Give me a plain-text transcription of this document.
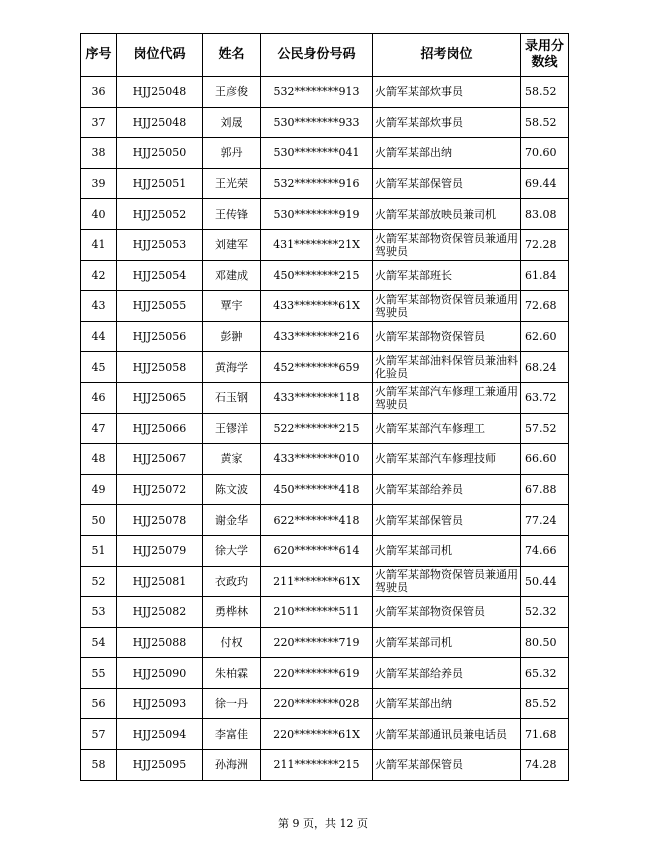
序号	岗位代码	姓名	公民身份号码	招考岗位	录用分数线
36	HJJ25048	王彦俊	532********913	火箭军某部炊事员	58.52
37	HJJ25048	刘晟	530********933	火箭军某部炊事员	58.52
38	HJJ25050	郭丹	530********041	火箭军某部出纳	70.60
39	HJJ25051	王光荣	532********916	火箭军某部保管员	69.44
40	HJJ25052	王传锋	530********919	火箭军某部放映员兼司机	83.08
41	HJJ25053	刘建军	431********21X	火箭军某部物资保管员兼通用驾驶员	72.28
42	HJJ25054	邓建成	450********215	火箭军某部班长	61.84
43	HJJ25055	覃宇	433********61X	火箭军某部物资保管员兼通用驾驶员	72.68
44	HJJ25056	彭翀	433********216	火箭军某部物资保管员	62.60
45	HJJ25058	黄海学	452********659	火箭军某部油料保管员兼油料化验员	68.24
46	HJJ25065	石玉钢	433********118	火箭军某部汽车修理工兼通用驾驶员	63.72
47	HJJ25066	王镠洋	522********215	火箭军某部汽车修理工	57.52
48	HJJ25067	黄家	433********010	火箭军某部汽车修理技师	66.60
49	HJJ25072	陈文波	450********418	火箭军某部给养员	67.88
50	HJJ25078	谢金华	622********418	火箭军某部保管员	77.24
51	HJJ25079	徐大学	620********614	火箭军某部司机	74.66
52	HJJ25081	衣政玓	211********61X	火箭军某部物资保管员兼通用驾驶员	50.44
53	HJJ25082	勇桦林	210********511	火箭军某部物资保管员	52.32
54	HJJ25088	付权	220********719	火箭军某部司机	80.50
55	HJJ25090	朱柏霖	220********619	火箭军某部给养员	65.32
56	HJJ25093	徐一丹	220********028	火箭军某部出纳	85.52
57	HJJ25094	李富佳	220********61X	火箭军某部通讯员兼电话员	71.68
58	HJJ25095	孙海洲	211********215	火箭军某部保管员	74.28
第 9 页，共 12 页
